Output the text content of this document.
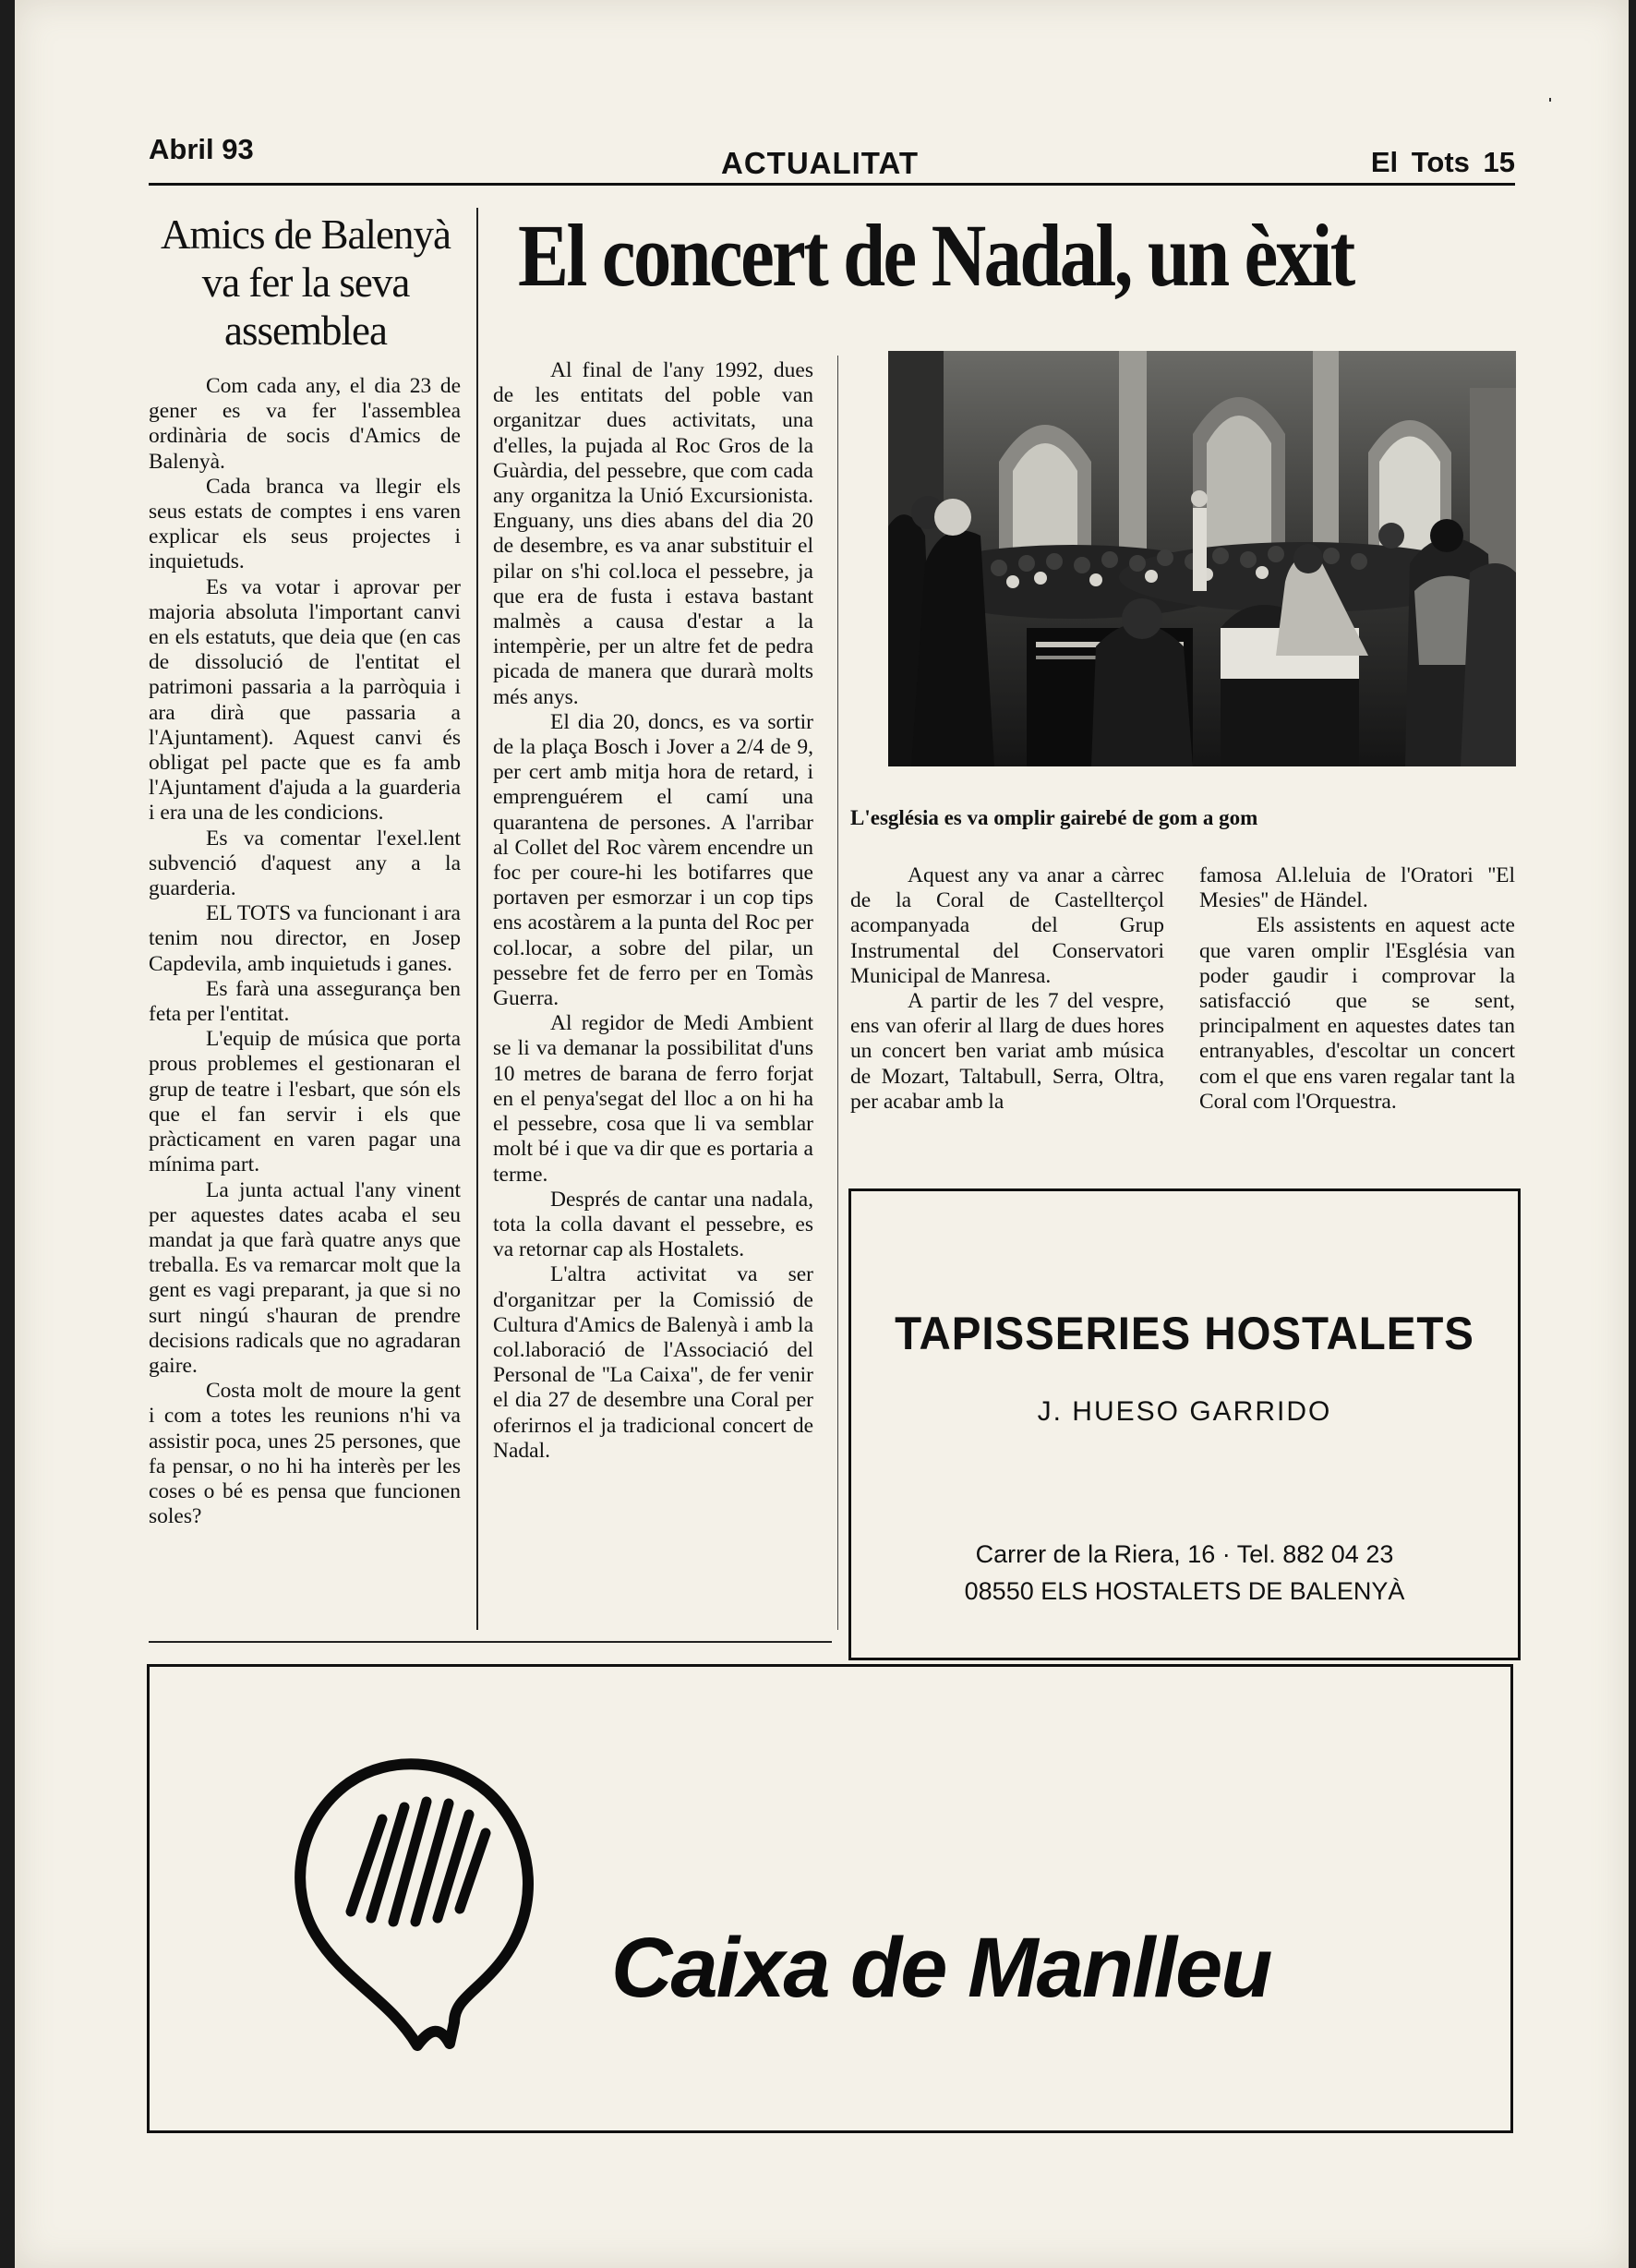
Abril 93	ACTUALITAT	El Tots 15
Amics de Balenyà va fer la seva assemblea

Com cada any, el dia 23 de gener es va fer l'assemblea ordinària de socis d'Amics de Balenyà.

Cada branca va llegir els seus estats de comptes i ens varen explicar els seus projectes i inquietuds.

Es va votar i aprovar per majoria absoluta l'important canvi en els estatuts, que deia que (en cas de dissolució de l'entitat el patrimoni passaria a la parròquia i ara dirà que passaria a l'Ajuntament). Aquest canvi és obligat pel pacte que es fa amb l'Ajuntament d'ajuda a la guarderia i era una de les condicions.

Es va comentar l'exel.lent subvenció d'aquest any a la guarderia.

EL TOTS va funcionant i ara tenim nou director, en Josep Capdevila, amb inquietuds i ganes.

Es farà una assegurança ben feta per l'entitat.

L'equip de música que porta prous problemes el gestionaran el grup de teatre i l'esbart, que són els que el fan servir i els que pràcticament en varen pagar una mínima part.

La junta actual l'any vinent per aquestes dates acaba el seu mandat ja que farà quatre anys que treballa. Es va remarcar molt que la gent es vagi preparant, ja que si no surt ningú s'hauran de prendre decisions radicals que no agradaran gaire.

Costa molt de moure la gent i com a totes les reunions n'hi va assistir poca, unes 25 persones, que fa pensar, o no hi ha interès per les coses o bé es pensa que funcionen soles?

El concert de Nadal, un èxit

Al final de l'any 1992, dues de les entitats del poble van organitzar dues activitats, una d'elles, la pujada al Roc Gros de la Guàrdia, del pessebre, que com cada any organitza la Unió Excursionista. Enguany, uns dies abans del dia 20 de desembre, es va anar substituir el pilar on s'hi col.loca el pessebre, ja que era de fusta i estava bastant malmès a causa d'estar a la intempèrie, per un altre fet de pedra picada de manera que durarà molts més anys.

El dia 20, doncs, es va sortir de la plaça Bosch i Jover a 2/4 de 9, per cert amb mitja hora de retard, i emprenguérem el camí una quarantena de persones. A l'arribar al Collet del Roc vàrem encendre un foc per coure-hi les botifarres que portaven per esmorzar i un cop tips ens acostàrem a la punta del Roc per col.locar, a sobre del pilar, un pessebre fet de ferro per en Tomàs Guerra.

Al regidor de Medi Ambient se li va demanar la possibilitat d'uns 10 metres de barana de ferro forjat en el penya'segat del lloc a on hi ha el pessebre, cosa que li va semblar molt bé i que va dir que es portaria a terme.

Després de cantar una nadala, tota la colla davant el pessebre, es va retornar cap als Hostalets.

L'altra activitat va ser d'organitzar per la Comissió de Cultura d'Amics de Balenyà i amb la col.laboració de l'Associació del Personal de ''La Caixa'', de fer venir el dia 27 de desembre una Coral per oferirnos el ja tradicional concert de Nadal.

L'església es va omplir gairebé de gom a gom

Aquest any va anar a càrrec de la Coral de Castellterçol acompanyada del Grup Instrumental del Conservatori Municipal de Manresa.

A partir de les 7 del vespre, ens van oferir al llarg de dues hores un concert ben variat amb música de Mozart, Taltabull, Serra, Oltra, per acabar amb la

famosa Al.leluia de l'Oratori ''El Mesies'' de Händel.

Els assistents en aquest acte que varen omplir l'Església van poder gaudir i comprovar la satisfacció que se sent, principalment en aquestes dates tan entranyables, d'escoltar un concert com el que ens varen regalar tant la Coral com l'Orquestra.

TAPISSERIES HOSTALETS
J. HUESO GARRIDO
Carrer de la Riera, 16 · Tel. 882 04 23
08550 ELS HOSTALETS DE BALENYÀ
Caixa de Manlleu
